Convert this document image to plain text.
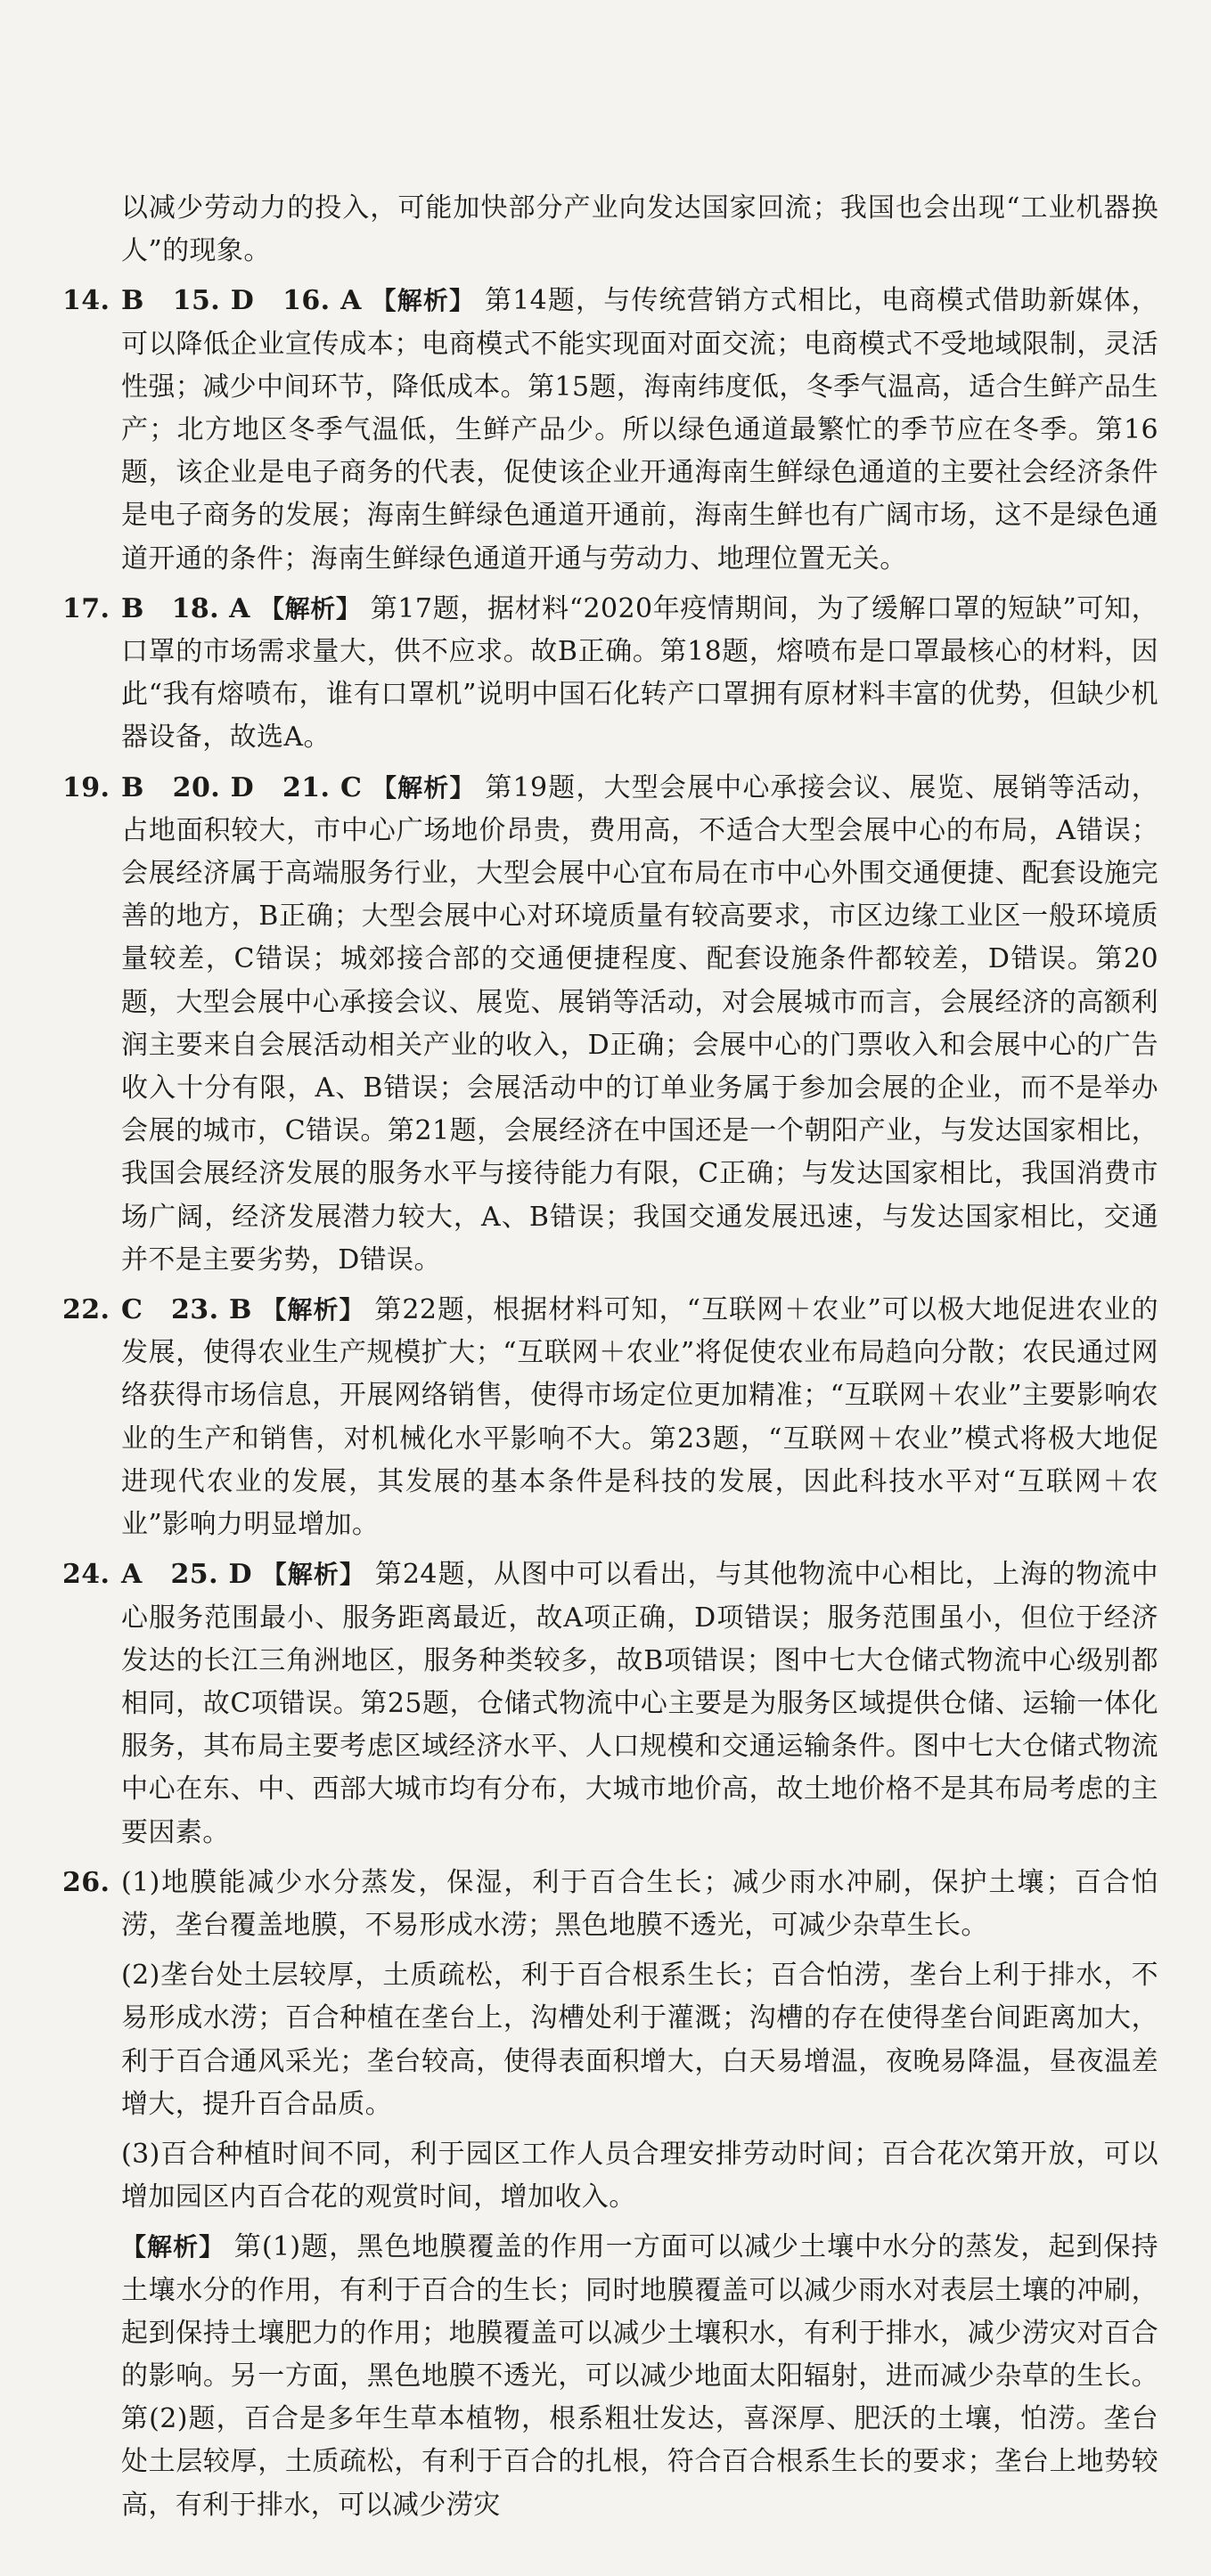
以减少劳动力的投入，可能加快部分产业向发达国家回流；我国也会出现“工业机器换人”的现象。

14. B　15. D　16. A 【解析】 第14题，与传统营销方式相比，电商模式借助新媒体，可以降低企业宣传成本；电商模式不能实现面对面交流；电商模式不受地域限制，灵活性强；减少中间环节，降低成本。第15题，海南纬度低，冬季气温高，适合生鲜产品生产；北方地区冬季气温低，生鲜产品少。所以绿色通道最繁忙的季节应在冬季。第16题，该企业是电子商务的代表，促使该企业开通海南生鲜绿色通道的主要社会经济条件是电子商务的发展；海南生鲜绿色通道开通前，海南生鲜也有广阔市场，这不是绿色通道开通的条件；海南生鲜绿色通道开通与劳动力、地理位置无关。

17. B　18. A 【解析】 第17题，据材料“2020年疫情期间，为了缓解口罩的短缺”可知，口罩的市场需求量大，供不应求。故B正确。第18题，熔喷布是口罩最核心的材料，因此“我有熔喷布，谁有口罩机”说明中国石化转产口罩拥有原材料丰富的优势，但缺少机器设备，故选A。

19. B　20. D　21. C 【解析】 第19题，大型会展中心承接会议、展览、展销等活动，占地面积较大，市中心广场地价昂贵，费用高，不适合大型会展中心的布局，A错误；会展经济属于高端服务行业，大型会展中心宜布局在市中心外围交通便捷、配套设施完善的地方，B正确；大型会展中心对环境质量有较高要求，市区边缘工业区一般环境质量较差，C错误；城郊接合部的交通便捷程度、配套设施条件都较差，D错误。第20题，大型会展中心承接会议、展览、展销等活动，对会展城市而言，会展经济的高额利润主要来自会展活动相关产业的收入，D正确；会展中心的门票收入和会展中心的广告收入十分有限，A、B错误；会展活动中的订单业务属于参加会展的企业，而不是举办会展的城市，C错误。第21题，会展经济在中国还是一个朝阳产业，与发达国家相比，我国会展经济发展的服务水平与接待能力有限，C正确；与发达国家相比，我国消费市场广阔，经济发展潜力较大，A、B错误；我国交通发展迅速，与发达国家相比，交通并不是主要劣势，D错误。

22. C　23. B 【解析】 第22题，根据材料可知，“互联网＋农业”可以极大地促进农业的发展，使得农业生产规模扩大；“互联网＋农业”将促使农业布局趋向分散；农民通过网络获得市场信息，开展网络销售，使得市场定位更加精准；“互联网＋农业”主要影响农业的生产和销售，对机械化水平影响不大。第23题，“互联网＋农业”模式将极大地促进现代农业的发展，其发展的基本条件是科技的发展，因此科技水平对“互联网＋农业”影响力明显增加。

24. A　25. D 【解析】 第24题，从图中可以看出，与其他物流中心相比，上海的物流中心服务范围最小、服务距离最近，故A项正确，D项错误；服务范围虽小，但位于经济发达的长江三角洲地区，服务种类较多，故B项错误；图中七大仓储式物流中心级别都相同，故C项错误。第25题，仓储式物流中心主要是为服务区域提供仓储、运输一体化服务，其布局主要考虑区域经济水平、人口规模和交通运输条件。图中七大仓储式物流中心在东、中、西部大城市均有分布，大城市地价高，故土地价格不是其布局考虑的主要因素。

26. (1)地膜能减少水分蒸发，保湿，利于百合生长；减少雨水冲刷，保护土壤；百合怕涝，垄台覆盖地膜，不易形成水涝；黑色地膜不透光，可减少杂草生长。

(2)垄台处土层较厚，土质疏松，利于百合根系生长；百合怕涝，垄台上利于排水，不易形成水涝；百合种植在垄台上，沟槽处利于灌溉；沟槽的存在使得垄台间距离加大，利于百合通风采光；垄台较高，使得表面积增大，白天易增温，夜晚易降温，昼夜温差增大，提升百合品质。

(3)百合种植时间不同，利于园区工作人员合理安排劳动时间；百合花次第开放，可以增加园区内百合花的观赏时间，增加收入。

【解析】 第(1)题，黑色地膜覆盖的作用一方面可以减少土壤中水分的蒸发，起到保持土壤水分的作用，有利于百合的生长；同时地膜覆盖可以减少雨水对表层土壤的冲刷，起到保持土壤肥力的作用；地膜覆盖可以减少土壤积水，有利于排水，减少涝灾对百合的影响。另一方面，黑色地膜不透光，可以减少地面太阳辐射，进而减少杂草的生长。第(2)题，百合是多年生草本植物，根系粗壮发达，喜深厚、肥沃的土壤，怕涝。垄台处土层较厚，土质疏松，有利于百合的扎根，符合百合根系生长的要求；垄台上地势较高，有利于排水，可以减少涝灾
